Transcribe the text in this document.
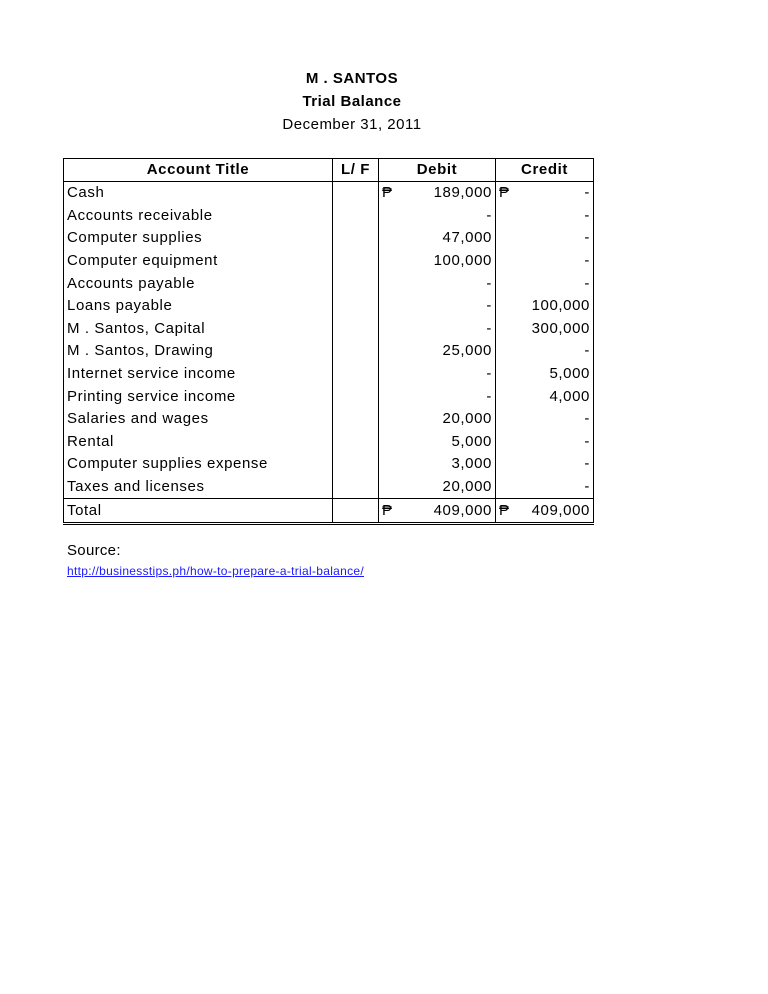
M . SANTOS
Trial Balance
December 31, 2011
Account Title	L/ F	Debit		Credit	
Cash		₱	189,000	₱	-
Accounts receivable			-		-
Computer supplies			47,000		-
Computer equipment			100,000		-
Accounts payable			-		-
Loans payable			-		100,000
M . Santos, Capital			-		300,000
M . Santos, Drawing			25,000		-
Internet service income			-		5,000
Printing service income			-		4,000
Salaries and wages			20,000		-
Rental			5,000		-
Computer supplies expense			3,000		-
Taxes and licenses			20,000		-
Total		₱	409,000	₱	409,000
Source:
http://businesstips.ph/how-to-prepare-a-trial-balance/
